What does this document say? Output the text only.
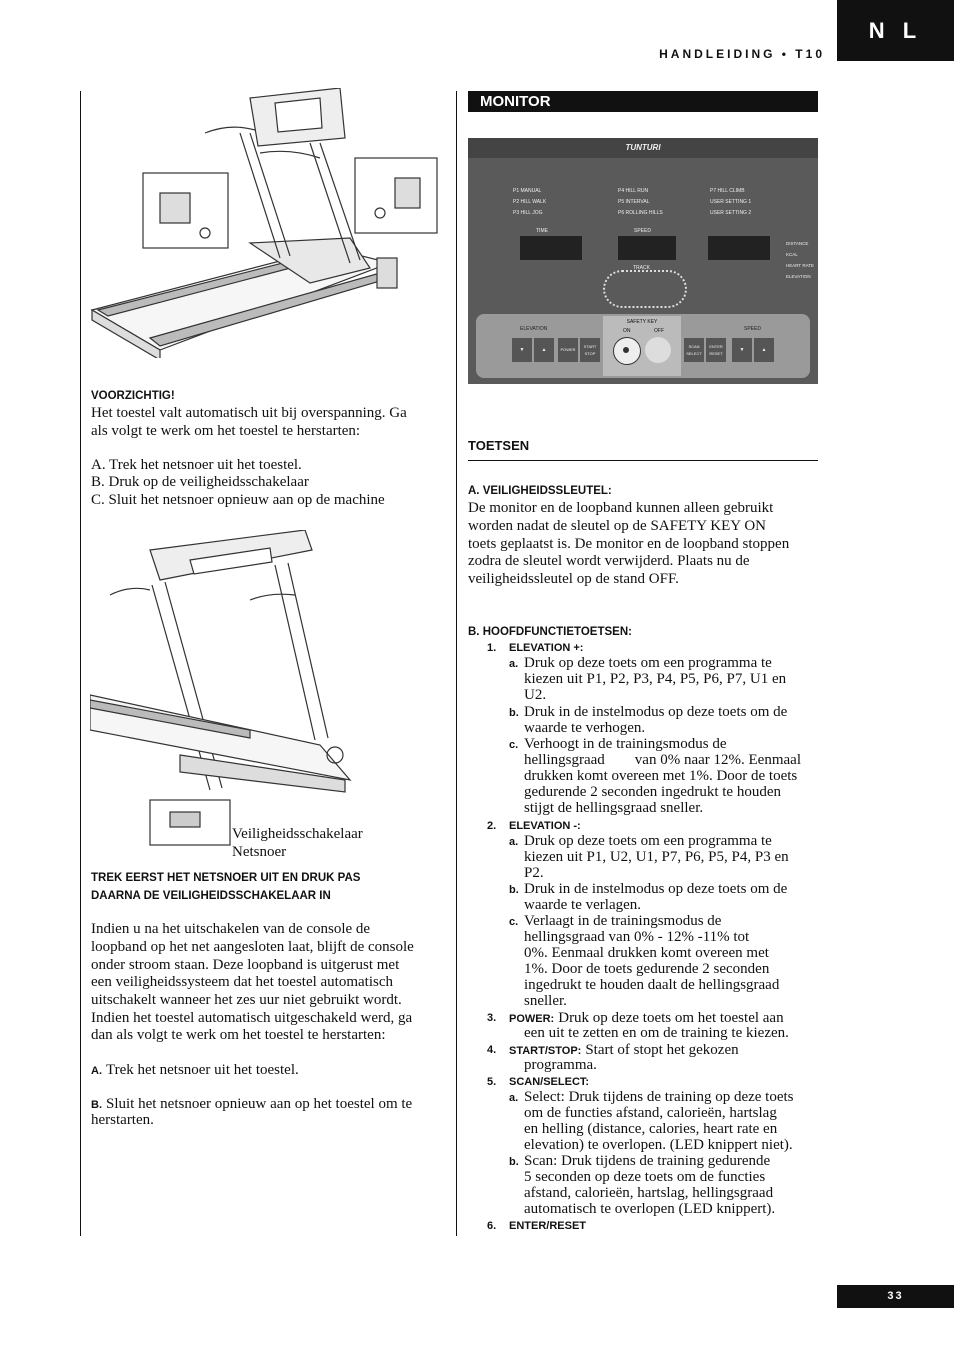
N L
HANDLEIDING • T10
VOORZICHTIG!
Het toestel valt automatisch uit bij overspanning. Ga
als volgt te werk om het toestel te herstarten:
A. Trek het netsnoer uit het toestel.
B. Druk op de veiligheidsschakelaar
C. Sluit het netsnoer opnieuw aan op de machine
Veiligheidsschakelaar
Netsnoer
TREK EERST HET NETSNOER UIT EN DRUK PAS
DAARNA DE VEILIGHEIDSSCHAKELAAR IN
Indien u na het uitschakelen van de console de
loopband op het net aangesloten laat, blijft de console
onder stroom staan. Deze loopband is uitgerust met
een veiligheidssysteem dat het toestel automatisch
uitschakelt wanneer het zes uur niet gebruikt wordt.
Indien het toestel automatisch uitgeschakeld werd, ga
dan als volgt te werk om het toestel te herstarten:
A. Trek het netsnoer uit het toestel.
B. Sluit het netsnoer opnieuw aan op het toestel om te
herstarten.
MONITOR
TUNTURI
P1 MANUAL
P2 HILL WALK
P3 HILL JOG
P4 HILL RUN
P5 INTERVAL
P6 ROLLING HILLS
P7 HILL CLIMB
USER SETTING 1
USER SETTING 2
TIME	SPEED
DISTANCE
KCAL
HEART RATE
ELEVATION
TRACK
ELEVATION	SPEED
SAFETY KEY
ON	OFF
▼	▲	POWER
START STOP
SCAN SELECT
ENTER RESET
▼	▲
TOETSEN
A. VEILIGHEIDSSLEUTEL:
De monitor en de loopband kunnen alleen gebruikt
worden nadat de sleutel op de SAFETY KEY ON
toets geplaatst is. De monitor en de loopband stoppen
zodra de sleutel wordt verwijderd. Plaats nu de
veiligheidssleutel op de stand OFF.
B. HOOFDFUNCTIETOETSEN:
1. ELEVATION +:
a. Druk op deze toets om een programma te
kiezen uit P1, P2, P3, P4, P5, P6, P7, U1 en
U2.
b. Druk in de instelmodus op deze toets om de
waarde te verhogen.
c. Verhoogt in de trainingsmodus de
hellingsgraad        van 0% naar 12%. Eenmaal
drukken komt overeen met 1%. Door de toets
gedurende 2 seconden ingedrukt te houden
stijgt de hellingsgraad sneller.
2. ELEVATION -:
a. Druk op deze toets om een programma te
kiezen uit P1, U2, U1, P7, P6, P5, P4, P3 en
P2.
b. Druk in de instelmodus op deze toets om de
waarde te verlagen.
c. Verlaagt in de trainingsmodus de
hellingsgraad van 0% - 12% -11% tot
0%. Eenmaal drukken komt overeen met
1%. Door de toets gedurende 2 seconden
ingedrukt te houden daalt de hellingsgraad
sneller.
3. POWER: Druk op deze toets om het toestel aan
een uit te zetten en om de training te kiezen.
4. START/STOP: Start of stopt het gekozen
programma.
5. SCAN/SELECT:
a. Select: Druk tijdens de training op deze toets
om de functies afstand, calorieën, hartslag
en helling (distance, calories, heart rate en
elevation) te overlopen. (LED knippert niet).
b. Scan: Druk tijdens de training gedurende
5 seconden op deze toets om de functies
afstand, calorieën, hartslag, hellingsgraad
automatisch te overlopen (LED knippert).
6. ENTER/RESET
33
